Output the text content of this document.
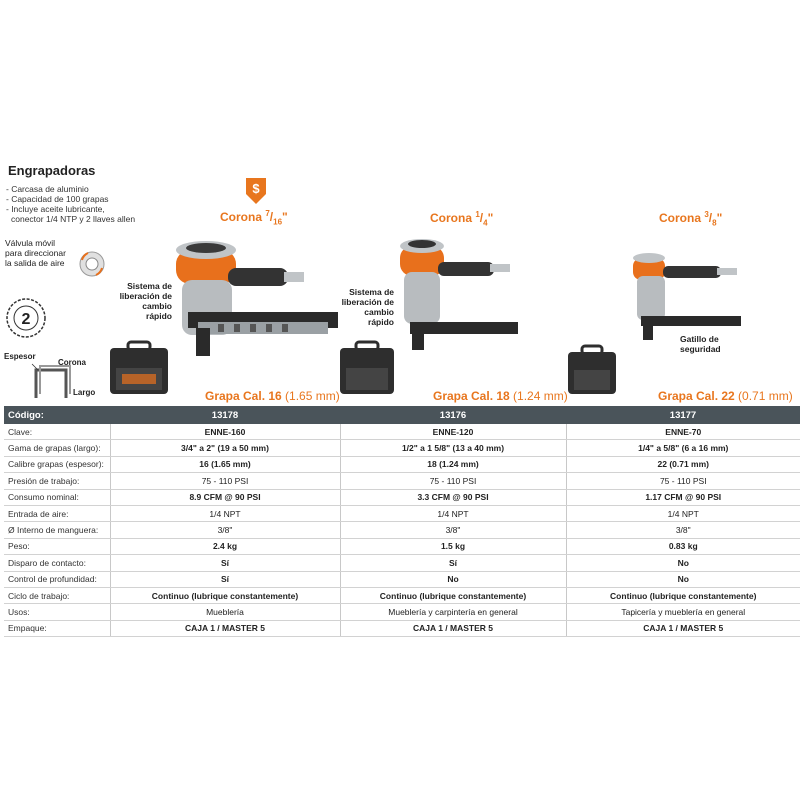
Engrapadoras
- Carcasa de aluminio
- Capacidad de 100 grapas
- Incluye aceite lubricante,
conector 1/4 NTP y 2 llaves allen
Válvula móvil
para direccionar
la salida de aire
2
Espesor
Corona
Largo
$
Corona $^7/_{16}$"	Corona $^1/_4$"	Corona $^3/_8$"
Sistema de
liberación de
cambio rápido
Sistema de
liberación de
cambio rápido
Gatillo de
seguridad
Grapa Cal. 16 (1.65 mm)	Grapa Cal. 18 (1.24 mm)	Grapa Cal. 22 (0.71 mm)
Código:	13178	13176	13177
Clave:	ENNE-160	ENNE-120	ENNE-70
Gama de grapas (largo):	3/4" a 2" (19 a 50 mm)	1/2" a 1 5/8" (13 a 40 mm)	1/4" a 5/8" (6 a 16 mm)
Calibre grapas (espesor):	16 (1.65 mm)	18 (1.24 mm)	22 (0.71 mm)
Presión de trabajo:	75 - 110 PSI	75 - 110 PSI	75 - 110 PSI
Consumo nominal:	8.9 CFM @ 90 PSI	3.3 CFM @ 90 PSI	1.17 CFM @ 90 PSI
Entrada de aire:	1/4 NPT	1/4 NPT	1/4 NPT
Ø Interno de manguera:	3/8"	3/8"	3/8"
Peso:	2.4 kg	1.5 kg	0.83 kg
Disparo de contacto:	Sí	Sí	No
Control de profundidad:	Sí	No	No
Ciclo de trabajo:	Continuo (lubrique constantemente)	Continuo (lubrique constantemente)	Continuo (lubrique constantemente)
Usos:	Mueblería	Mueblería y carpintería en general	Tapicería y mueblería en general
Empaque:	CAJA 1 / MASTER 5	CAJA 1 / MASTER 5	CAJA 1 / MASTER 5
